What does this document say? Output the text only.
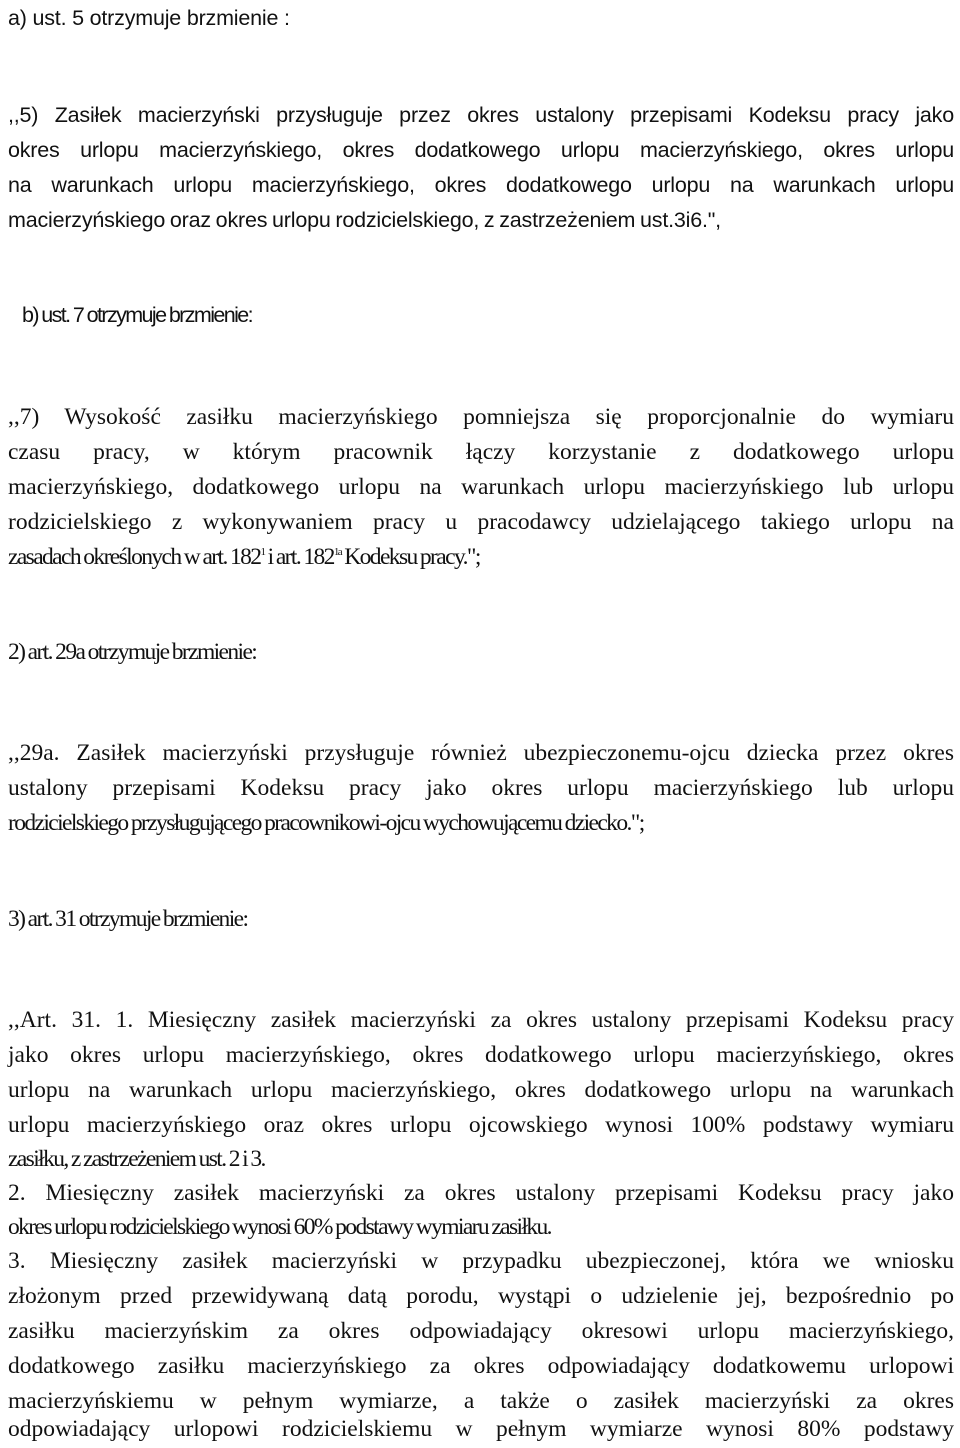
a) ust. 5 otrzymuje brzmienie :
,,5) Zasiłek macierzyński przysługuje przez okres ustalony przepisami Kodeksu pracy jako
okres urlopu macierzyńskiego, okres dodatkowego urlopu macierzyńskiego, okres urlopu
na warunkach urlopu macierzyńskiego, okres dodatkowego urlopu na warunkach urlopu
macierzyńskiego oraz okres urlopu rodzicielskiego, z zastrzeżeniem ust.3i6.",
b) ust. 7 otrzymuje brzmienie:
,,7) Wysokość zasiłku macierzyńskiego pomniejsza się proporcjonalnie do wymiaru
czasu pracy, w którym pracownik łączy korzystanie z dodatkowego urlopu
macierzyńskiego, dodatkowego urlopu na warunkach urlopu macierzyńskiego lub urlopu
rodzicielskiego z wykonywaniem pracy u pracodawcy udzielającego takiego urlopu na
zasadach określonych w art. $182^1$ i art. $182^{1a}$ Kodeksu pracy.";
2) art. 29a otrzymuje brzmienie:
,,29a. Zasiłek macierzyński przysługuje również ubezpieczonemu-ojcu dziecka przez okres
ustalony przepisami Kodeksu pracy jako okres urlopu macierzyńskiego lub urlopu
rodzicielskiego przysługującego pracownikowi-ojcu wychowującemu dziecko.";
3) art. 31 otrzymuje brzmienie:
,,Art. 31. 1. Miesięczny zasiłek macierzyński za okres ustalony przepisami Kodeksu pracy
jako okres urlopu macierzyńskiego, okres dodatkowego urlopu macierzyńskiego, okres
urlopu na warunkach urlopu macierzyńskiego, okres dodatkowego urlopu na warunkach
urlopu macierzyńskiego oraz okres urlopu ojcowskiego wynosi 100% podstawy wymiaru
zasiłku, z zastrzeżeniem ust. 2 i 3.
2. Miesięczny zasiłek macierzyński za okres ustalony przepisami Kodeksu pracy jako
okres urlopu rodzicielskiego wynosi 60% podstawy wymiaru zasiłku.
3. Miesięczny zasiłek macierzyński w przypadku ubezpieczonej, która we wniosku
złożonym przed przewidywaną datą porodu, wystąpi o udzielenie jej, bezpośrednio po
zasiłku macierzyńskim za okres odpowiadający okresowi urlopu macierzyńskiego,
dodatkowego zasiłku macierzyńskiego za okres odpowiadający dodatkowemu urlopowi
macierzyńskiemu w pełnym wymiarze, a także o zasiłek macierzyński za okres
odpowiadający urlopowi rodzicielskiemu w pełnym wymiarze wynosi 80% podstawy
